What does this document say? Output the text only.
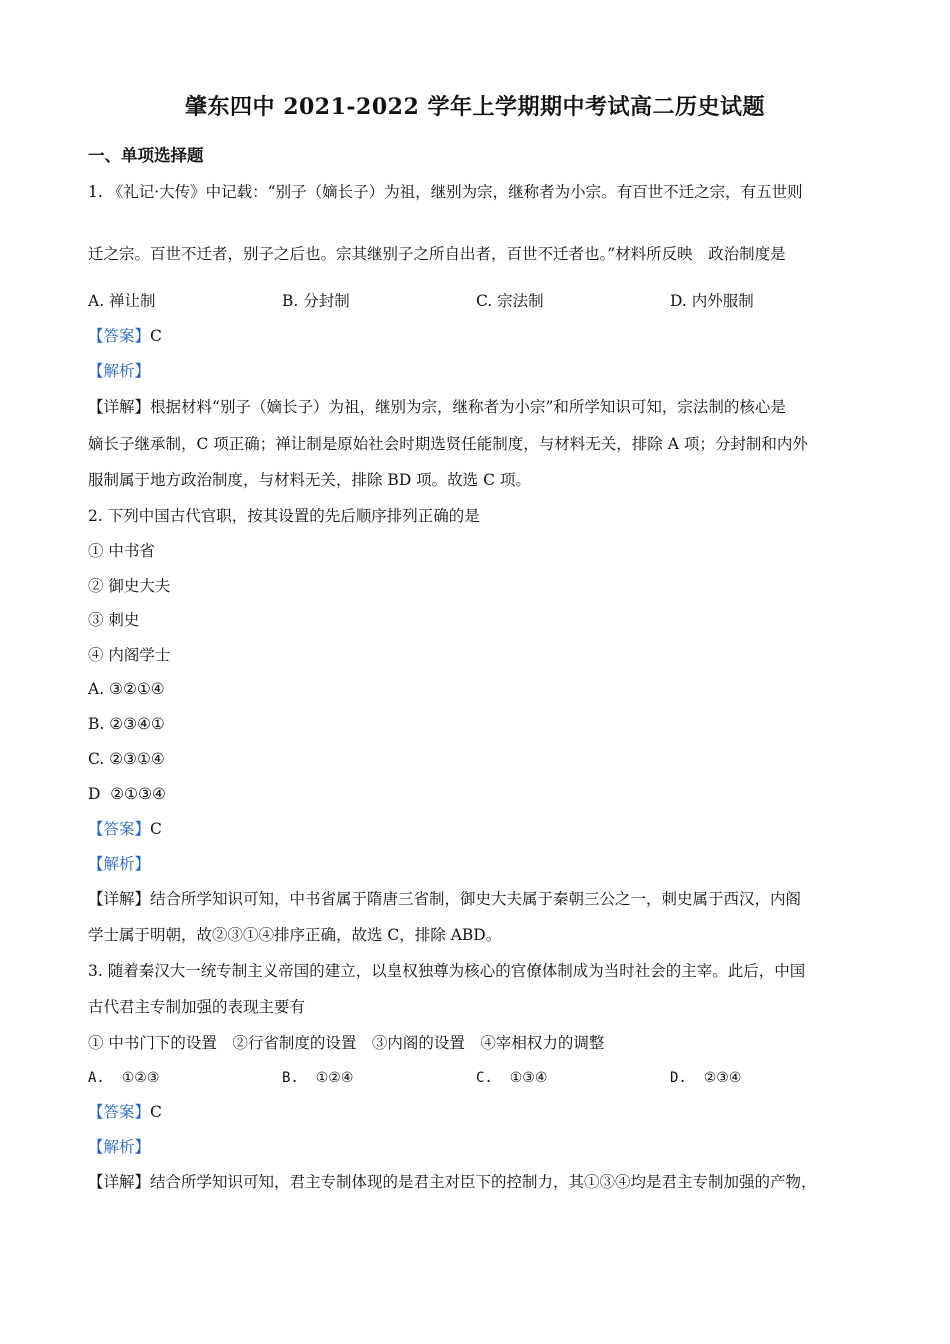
肇东四中 2021-2022 学年上学期期中考试高二历史试题
一、单项选择题
1. 《礼记·大传》中记载：“别子（嫡长子）为祖，继别为宗，继称者为小宗。有百世不迁之宗，有五世则
迁之宗。百世不迁者，别子之后也。宗其继别子之所自出者，百世不迁者也。”材料所反映　政治制度是
A. 禅让制	B. 分封制	C. 宗法制	D. 内外服制
【答案】C
【解析】
【详解】根据材料“别子（嫡长子）为祖，继别为宗，继称者为小宗”和所学知识可知，宗法制的核心是
嫡长子继承制，C 项正确；禅让制是原始社会时期选贤任能制度，与材料无关，排除 A 项；分封制和内外
服制属于地方政治制度，与材料无关，排除 BD 项。故选 C 项。
2. 下列中国古代官职，按其设置的先后顺序排列正确的是
① 中书省
② 御史大夫
③ 刺史
④ 内阁学士
A. ③②①④
B. ②③④①
C. ②③①④
D  ②①③④
【答案】C
【解析】
【详解】结合所学知识可知，中书省属于隋唐三省制，御史大夫属于秦朝三公之一，刺史属于西汉，内阁
学士属于明朝，故②③①④排序正确，故选 C，排除 ABD。
3. 随着秦汉大一统专制主义帝国的建立，以皇权独尊为核心的官僚体制成为当时社会的主宰。此后，中国
古代君主专制加强的表现主要有
① 中书门下的设置　②行省制度的设置　③内阁的设置　④宰相权力的调整
A.  ①②③	B.  ①②④	C.  ①③④	D.  ②③④
【答案】C
【解析】
【详解】结合所学知识可知，君主专制体现的是君主对臣下的控制力，其①③④均是君主专制加强的产物，
